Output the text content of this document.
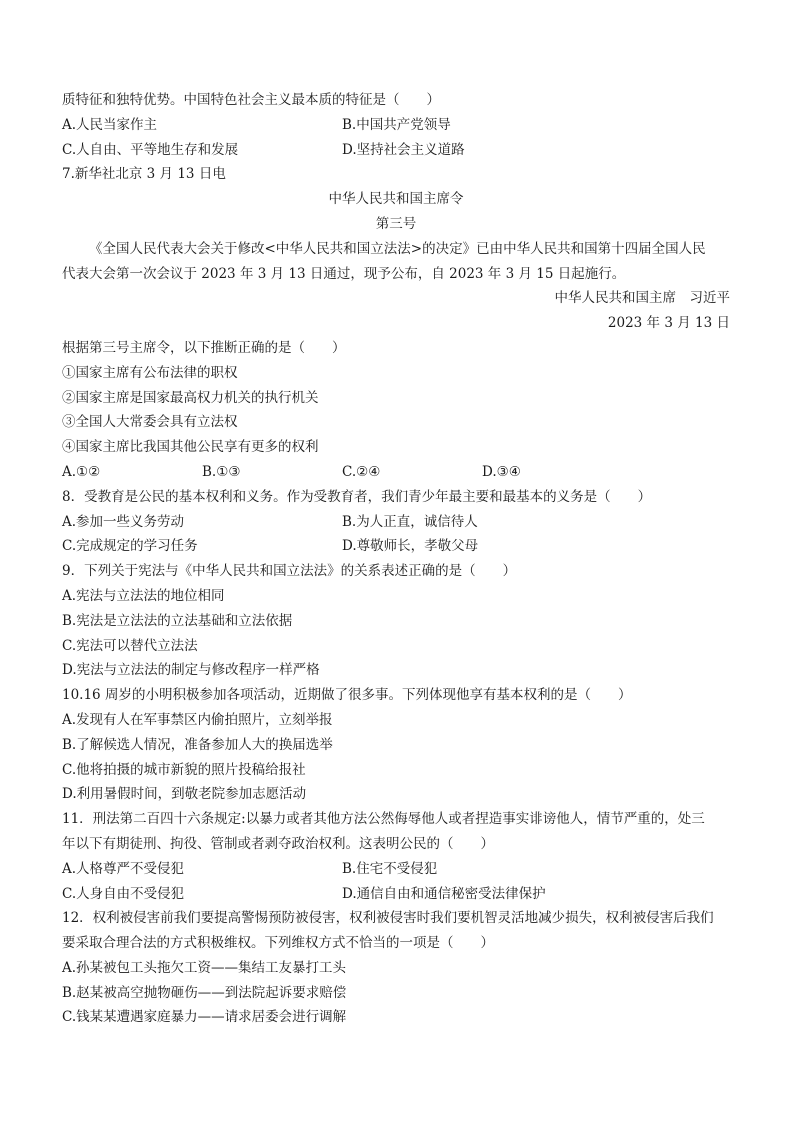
质特征和独特优势。中国特色社会主义最本质的特征是（　　）
A.人民当家作主	B.中国共产党领导
C.人自由、平等地生存和发展	D.坚持社会主义道路
7.新华社北京 3 月 13 日电
中华人民共和国主席令
第三号
《全国人民代表大会关于修改<中华人民共和国立法法>的决定》已由中华人民共和国第十四届全国人民
代表大会第一次会议于 2023 年 3 月 13 日通过，现予公布，自 2023 年 3 月 15 日起施行。
中华人民共和国主席　习近平
2023 年 3 月 13 日
根据第三号主席令，以下推断正确的是（　　）
①国家主席有公布法律的职权
②国家主席是国家最高权力机关的执行机关
③全国人大常委会具有立法权
④国家主席比我国其他公民享有更多的权利
A.①②	B.①③	C.②④	D.③④
8．受教育是公民的基本权利和义务。作为受教育者，我们青少年最主要和最基本的义务是（　　）
A.参加一些义务劳动	B.为人正直，诚信待人
C.完成规定的学习任务	D.尊敬师长，孝敬父母
9．下列关于宪法与《中华人民共和国立法法》的关系表述正确的是（　　）
A.宪法与立法法的地位相同
B.宪法是立法法的立法基础和立法依据
C.宪法可以替代立法法
D.宪法与立法法的制定与修改程序一样严格
10.16 周岁的小明积极参加各项活动，近期做了很多事。下列体现他享有基本权利的是（　　）
A.发现有人在军事禁区内偷拍照片，立刻举报
B.了解候选人情况，准备参加人大的换届选举
C.他将拍摄的城市新貌的照片投稿给报社
D.利用暑假时间，到敬老院参加志愿活动
11．刑法第二百四十六条规定:以暴力或者其他方法公然侮辱他人或者捏造事实诽谤他人，情节严重的，处三
年以下有期徒刑、拘役、管制或者剥夺政治权利。这表明公民的（　　）
A.人格尊严不受侵犯	B.住宅不受侵犯
C.人身自由不受侵犯	D.通信自由和通信秘密受法律保护
12．权利被侵害前我们要提高警惕预防被侵害，权利被侵害时我们要机智灵活地减少损失，权利被侵害后我们
要采取合理合法的方式积极维权。下列维权方式不恰当的一项是（　　）
A.孙某被包工头拖欠工资——集结工友暴打工头
B.赵某被高空抛物砸伤——到法院起诉要求赔偿
C.钱某某遭遇家庭暴力——请求居委会进行调解
